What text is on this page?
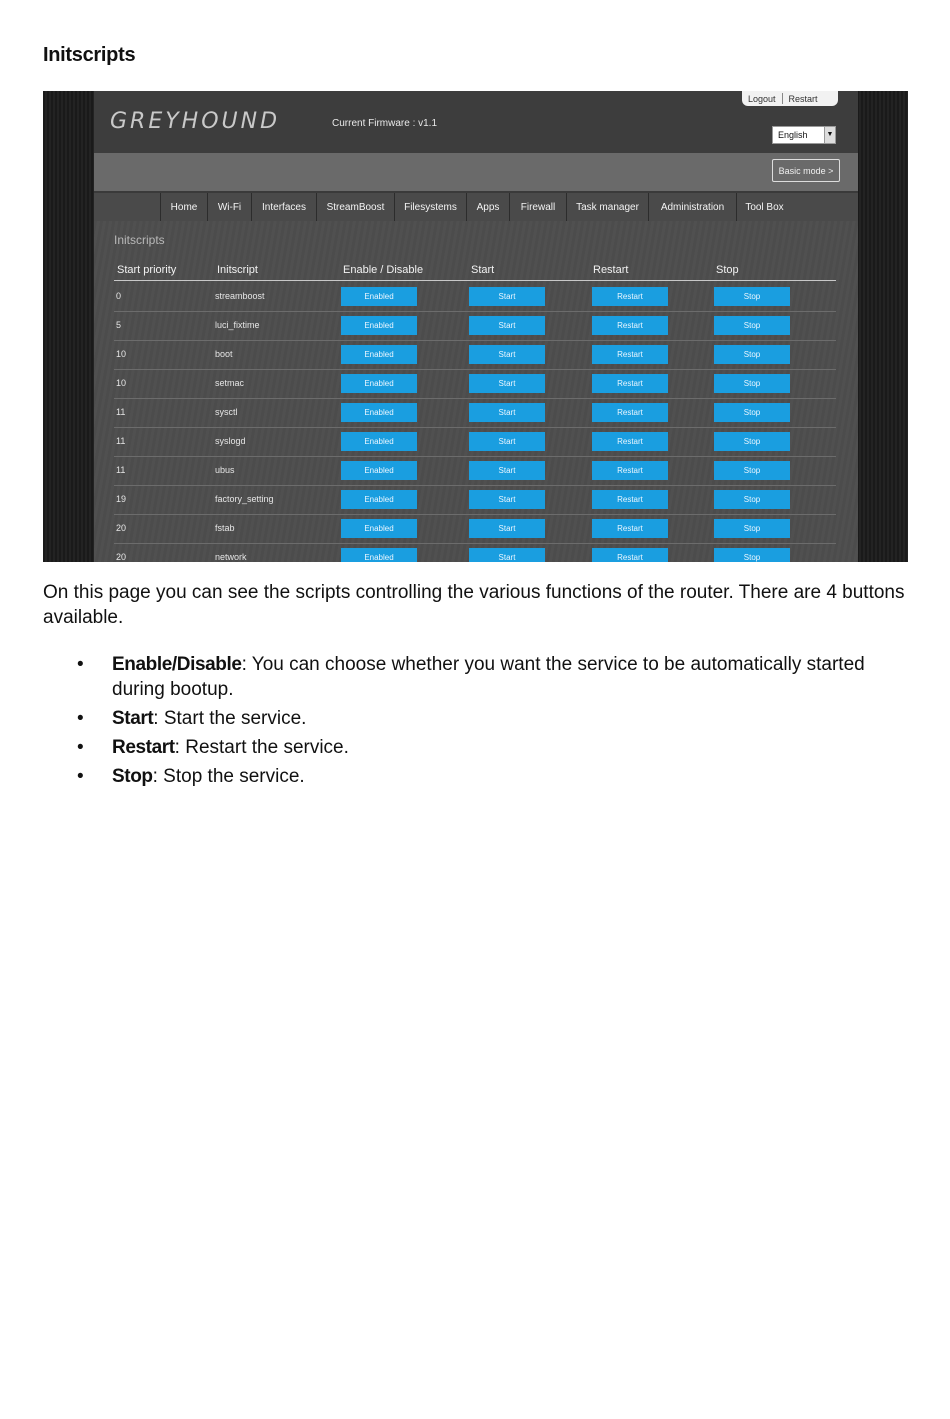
Initscripts
GREYHOUND	Current Firmware : v1.1
Logout	Restart
English	▼
Basic mode >
Home	Wi-Fi	Interfaces	StreamBoost	Filesystems	Apps	Firewall	Task manager	Administration	Tool Box
Initscripts
Start priority	Initscript	Enable / Disable	Start	Restart	Stop
0	streamboost	Enabled	Start	Restart	Stop
5	luci_fixtime	Enabled	Start	Restart	Stop
10	boot	Enabled	Start	Restart	Stop
10	setmac	Enabled	Start	Restart	Stop
11	sysctl	Enabled	Start	Restart	Stop
11	syslogd	Enabled	Start	Restart	Stop
11	ubus	Enabled	Start	Restart	Stop
19	factory_setting	Enabled	Start	Restart	Stop
20	fstab	Enabled	Start	Restart	Stop
20	network	Enabled	Start	Restart	Stop
On this page you can see the scripts controlling the various functions of the router. There are 4 buttons available.
• Enable/Disable: You can choose whether you want the service to be automatically started during bootup.
• Start: Start the service.
• Restart: Restart the service.
• Stop: Stop the service.
